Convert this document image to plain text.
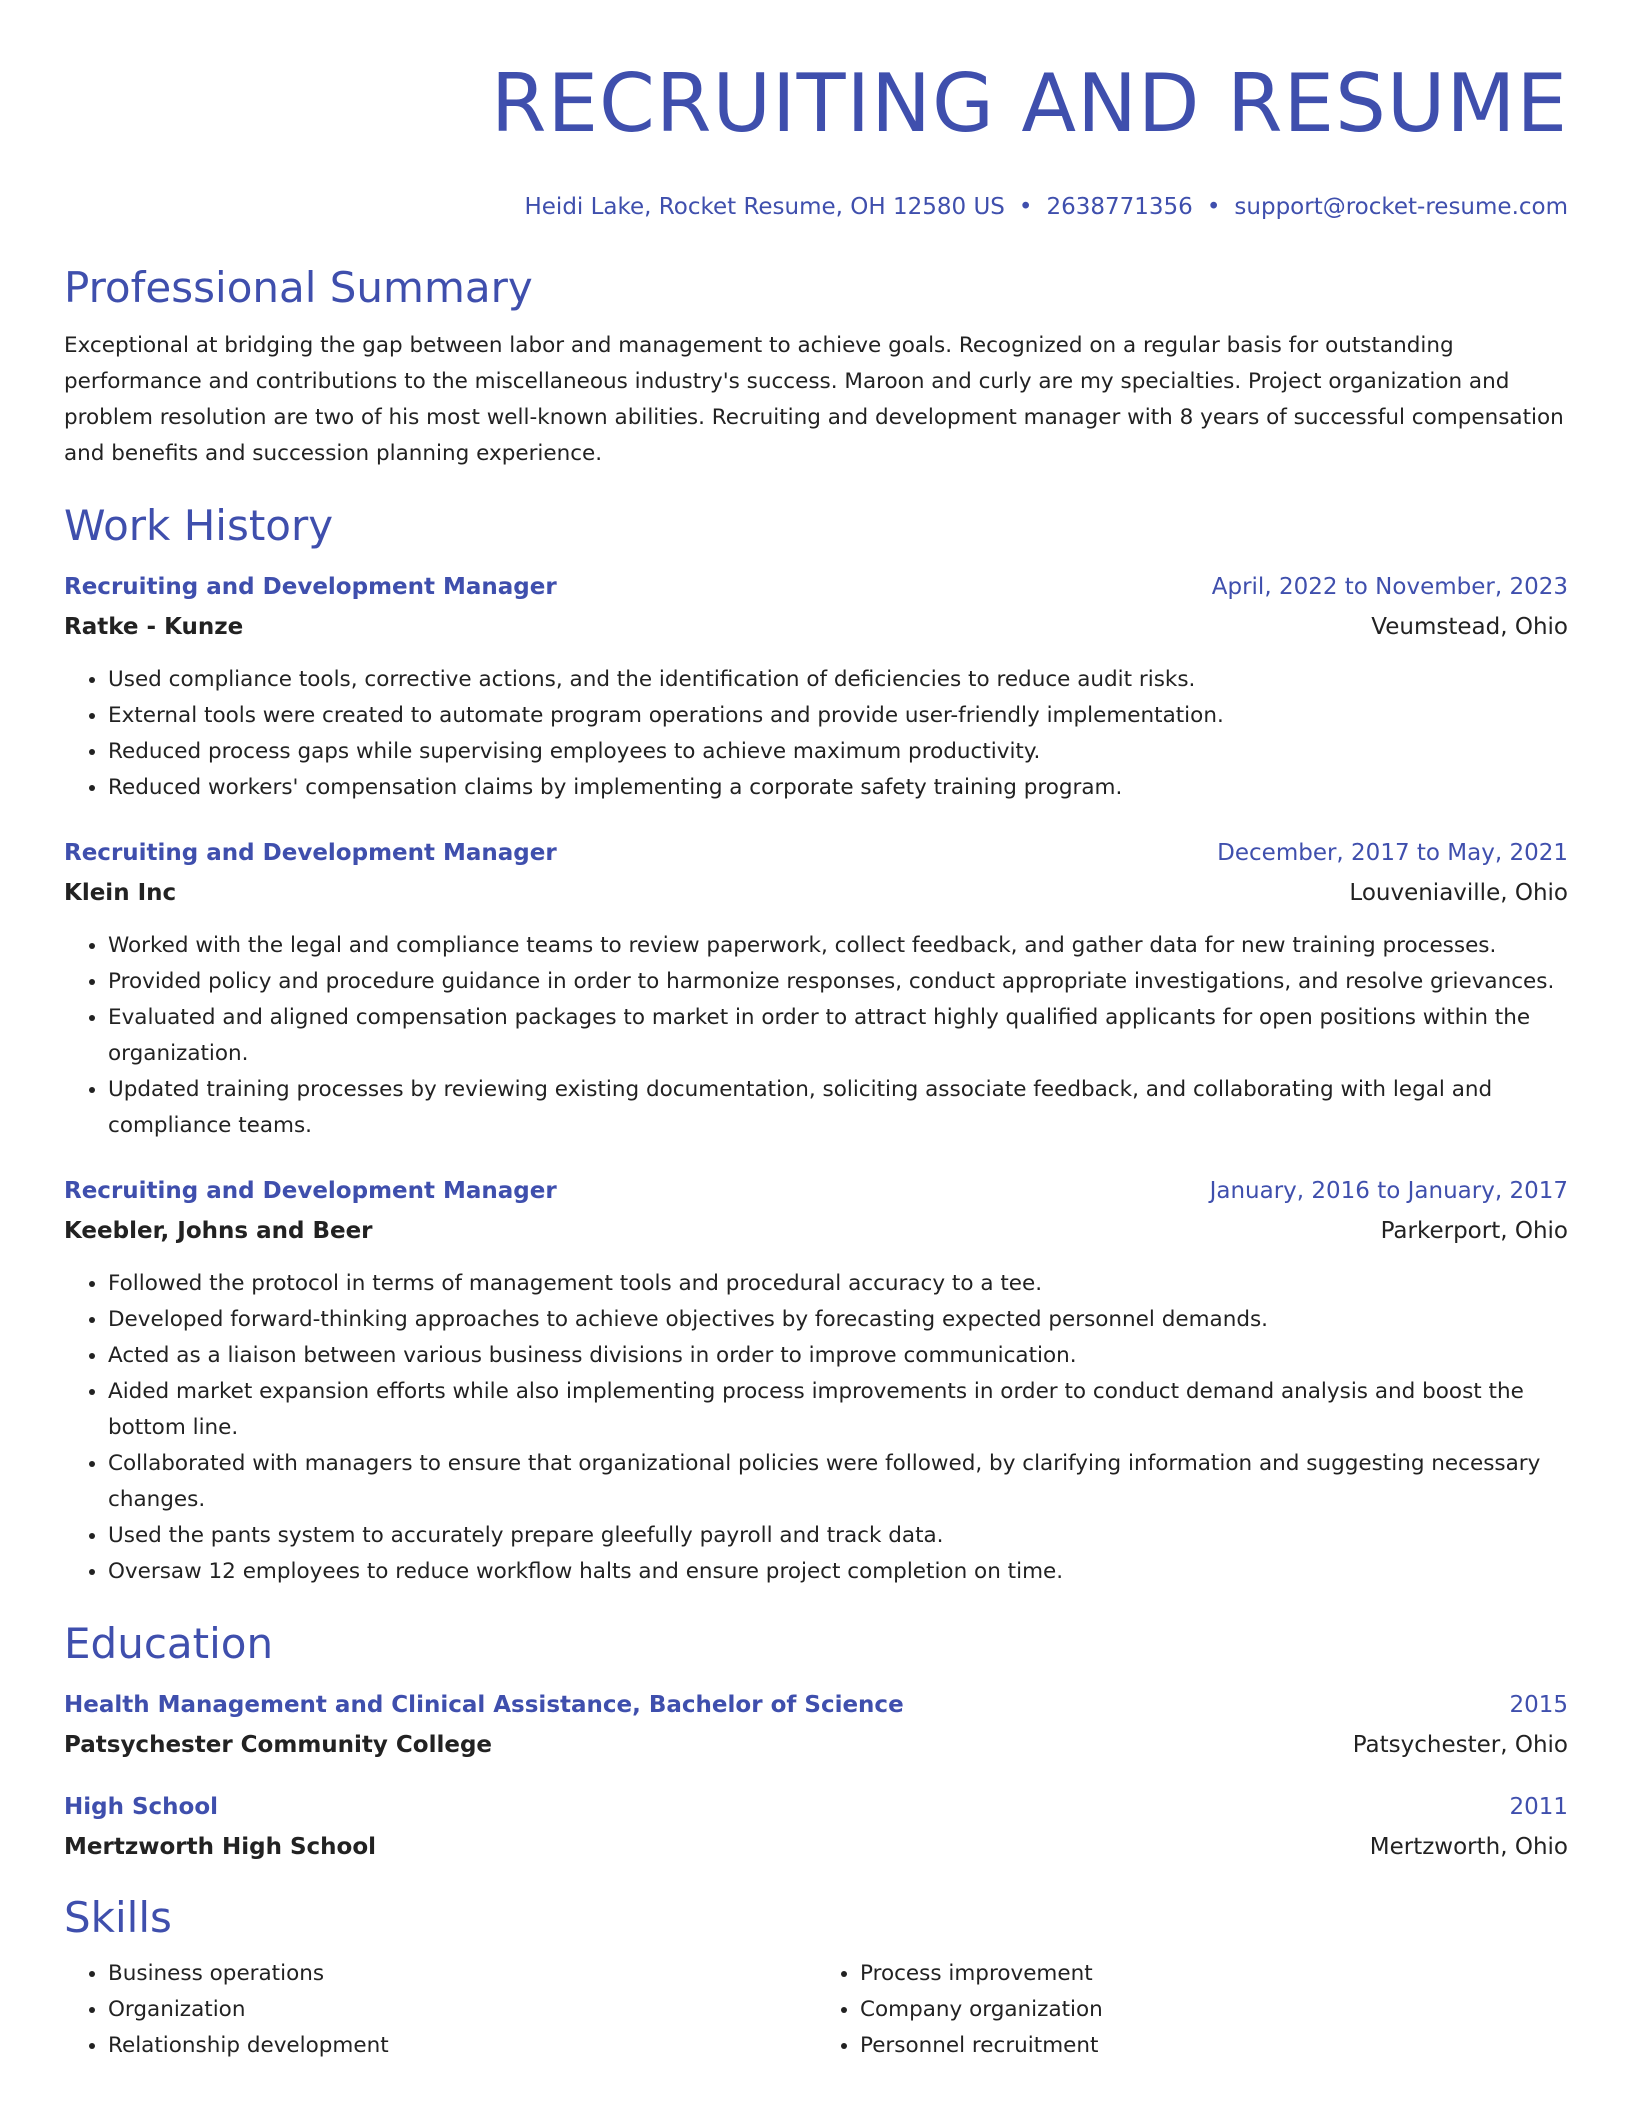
RECRUITING AND RESUME
Heidi Lake, Rocket Resume, OH 12580 US • 2638771356 • support@rocket-resume.com
Professional Summary
Exceptional at bridging the gap between labor and management to achieve goals. Recognized on a regular basis for outstanding performance and contributions to the miscellaneous industry's success. Maroon and curly are my specialties. Project organization and problem resolution are two of his most well-known abilities. Recruiting and development manager with 8 years of successful compensation and benefits and succession planning experience.
Work History
Recruiting and Development Manager	April, 2022 to November, 2023
Ratke - Kunze	Veumstead, Ohio
• Used compliance tools, corrective actions, and the identification of deficiencies to reduce audit risks.
• External tools were created to automate program operations and provide user-friendly implementation.
• Reduced process gaps while supervising employees to achieve maximum productivity.
• Reduced workers' compensation claims by implementing a corporate safety training program.
Recruiting and Development Manager	December, 2017 to May, 2021
Klein Inc	Louveniaville, Ohio
• Worked with the legal and compliance teams to review paperwork, collect feedback, and gather data for new training processes.
• Provided policy and procedure guidance in order to harmonize responses, conduct appropriate investigations, and resolve grievances.
• Evaluated and aligned compensation packages to market in order to attract highly qualified applicants for open positions within the organization.
• Updated training processes by reviewing existing documentation, soliciting associate feedback, and collaborating with legal and compliance teams.
Recruiting and Development Manager	January, 2016 to January, 2017
Keebler, Johns and Beer	Parkerport, Ohio
• Followed the protocol in terms of management tools and procedural accuracy to a tee.
• Developed forward-thinking approaches to achieve objectives by forecasting expected personnel demands.
• Acted as a liaison between various business divisions in order to improve communication.
• Aided market expansion efforts while also implementing process improvements in order to conduct demand analysis and boost the bottom line.
• Collaborated with managers to ensure that organizational policies were followed, by clarifying information and suggesting necessary changes.
• Used the pants system to accurately prepare gleefully payroll and track data.
• Oversaw 12 employees to reduce workflow halts and ensure project completion on time.
Education
Health Management and Clinical Assistance, Bachelor of Science	2015
Patsychester Community College	Patsychester, Ohio
High School	2011
Mertzworth High School	Mertzworth, Ohio
Skills
• Business operations
• Organization
• Relationship development
• Process improvement
• Company organization
• Personnel recruitment
